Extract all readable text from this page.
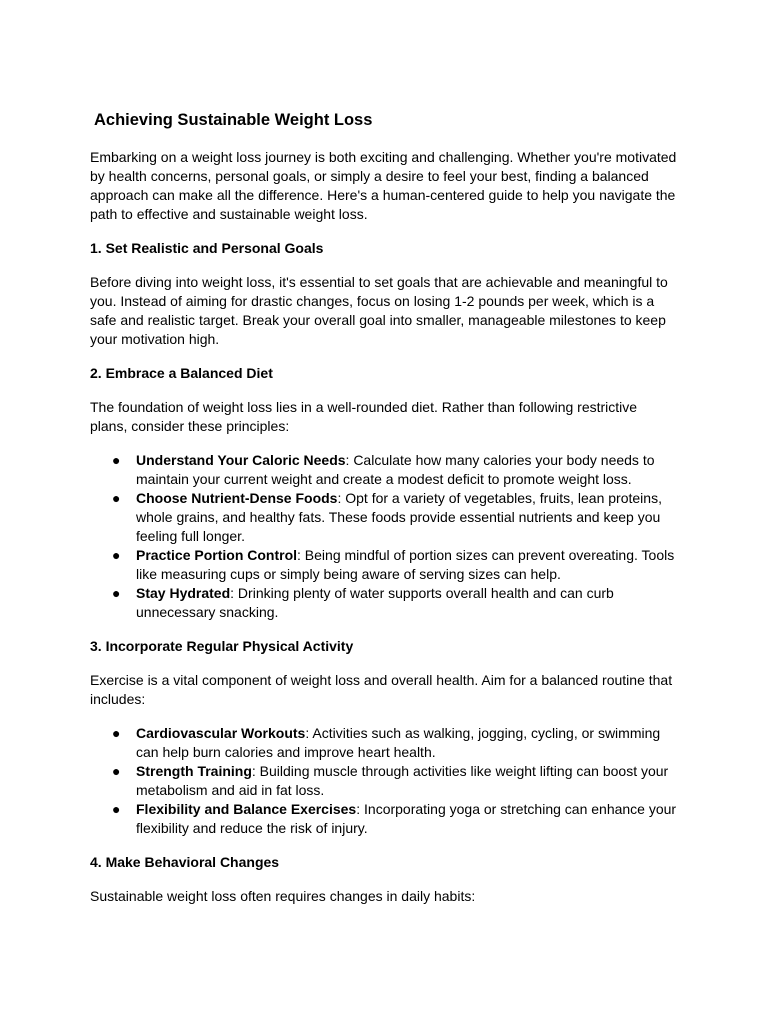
Achieving Sustainable Weight Loss

Embarking on a weight loss journey is both exciting and challenging. Whether you're motivated by health concerns, personal goals, or simply a desire to feel your best, finding a balanced approach can make all the difference. Here's a human-centered guide to help you navigate the path to effective and sustainable weight loss.

1. Set Realistic and Personal Goals

Before diving into weight loss, it's essential to set goals that are achievable and meaningful to you. Instead of aiming for drastic changes, focus on losing 1-2 pounds per week, which is a safe and realistic target. Break your overall goal into smaller, manageable milestones to keep your motivation high.

2. Embrace a Balanced Diet

The foundation of weight loss lies in a well-rounded diet. Rather than following restrictive plans, consider these principles:

● Understand Your Caloric Needs: Calculate how many calories your body needs to maintain your current weight and create a modest deficit to promote weight loss.
● Choose Nutrient-Dense Foods: Opt for a variety of vegetables, fruits, lean proteins, whole grains, and healthy fats. These foods provide essential nutrients and keep you feeling full longer.
● Practice Portion Control: Being mindful of portion sizes can prevent overeating. Tools like measuring cups or simply being aware of serving sizes can help.
● Stay Hydrated: Drinking plenty of water supports overall health and can curb unnecessary snacking.
3. Incorporate Regular Physical Activity

Exercise is a vital component of weight loss and overall health. Aim for a balanced routine that includes:

● Cardiovascular Workouts: Activities such as walking, jogging, cycling, or swimming can help burn calories and improve heart health.
● Strength Training: Building muscle through activities like weight lifting can boost your metabolism and aid in fat loss.
● Flexibility and Balance Exercises: Incorporating yoga or stretching can enhance your flexibility and reduce the risk of injury.
4. Make Behavioral Changes

Sustainable weight loss often requires changes in daily habits:
